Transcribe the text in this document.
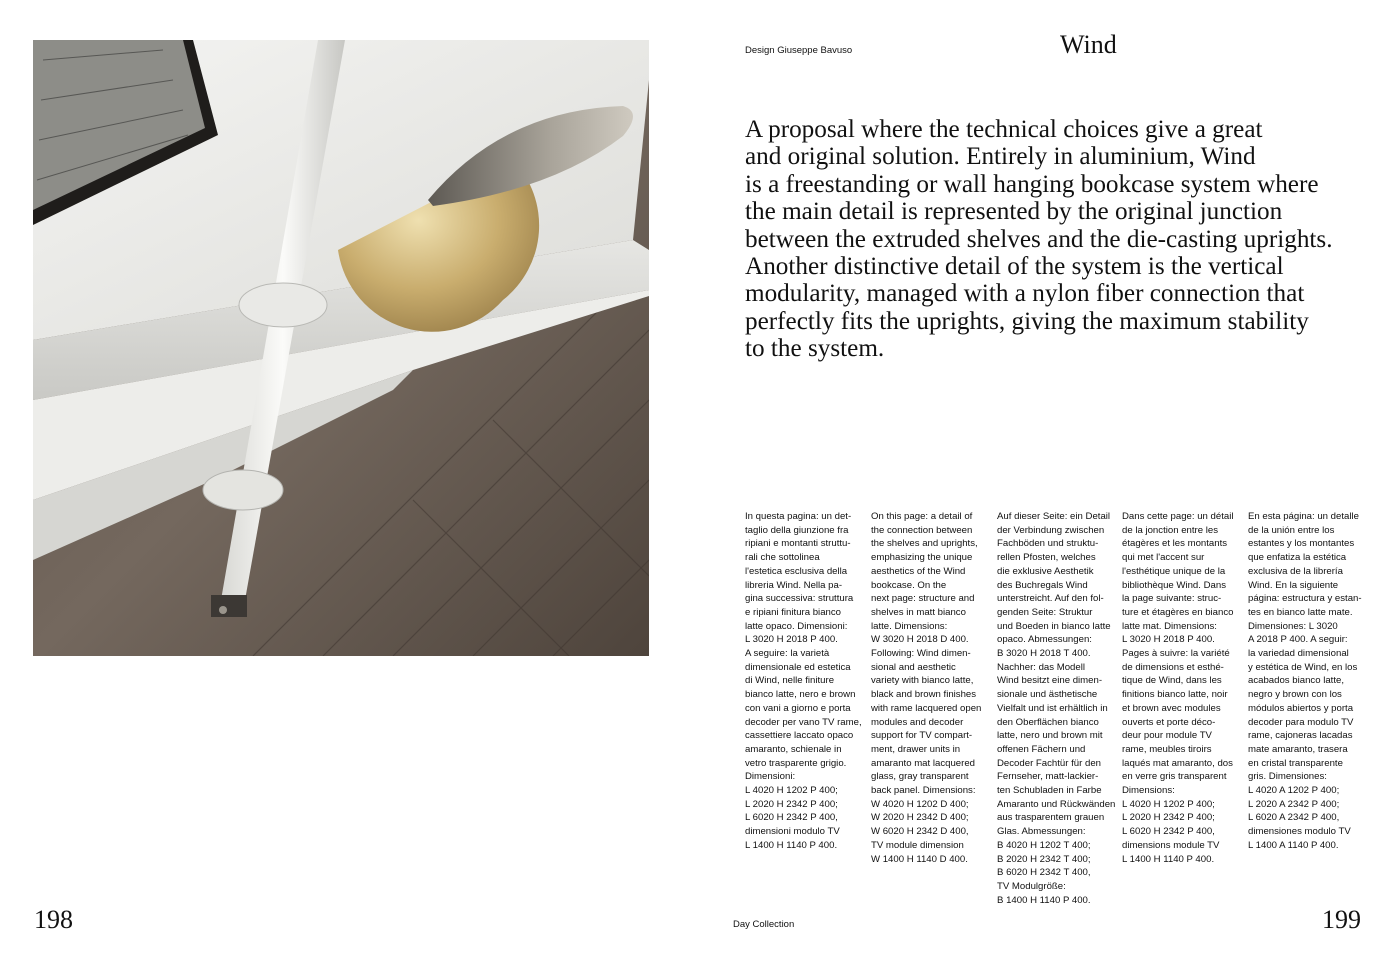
198
Design Giuseppe Bavuso	Wind
A proposal where the technical choices give a great
and original solution. Entirely in aluminium, Wind
is a freestanding or wall hanging bookcase system where
the main detail is represented by the original junction
between the extruded shelves and the die-casting uprights.
Another distinctive detail of the system is the vertical
modularity, managed with a nylon fiber connection that
perfectly fits the uprights, giving the maximum stability
to the system.
In questa pagina: un det-
taglio della giunzione fra
ripiani e montanti struttu-
rali che sottolinea
l'estetica esclusiva della
libreria Wind. Nella pa-
gina successiva: struttura
e ripiani finitura bianco
latte opaco. Dimensioni:
L 3020 H 2018 P 400.
A seguire: la varietà
dimensionale ed estetica
di Wind, nelle finiture
bianco latte, nero e brown
con vani a giorno e porta
decoder per vano TV rame,
cassettiere laccato opaco
amaranto, schienale in
vetro trasparente grigio.
Dimensioni:
L 4020 H 1202 P 400;
L 2020 H 2342 P 400;
L 6020 H 2342 P 400,
dimensioni modulo TV
L 1400 H 1140 P 400.
On this page: a detail of
the connection between
the shelves and uprights,
emphasizing the unique
aesthetics of the Wind
bookcase. On the
next page: structure and
shelves in matt bianco
latte. Dimensions:
W 3020 H 2018 D 400.
Following: Wind dimen-
sional and aesthetic
variety with bianco latte,
black and brown finishes
with rame lacquered open
modules and decoder
support for TV compart-
ment, drawer units in
amaranto mat lacquered
glass, gray transparent
back panel. Dimensions:
W 4020 H 1202 D 400;
W 2020 H 2342 D 400;
W 6020 H 2342 D 400,
TV module dimension
W 1400 H 1140 D 400.
Auf dieser Seite: ein Detail
der Verbindung zwischen
Fachböden und struktu-
rellen Pfosten, welches
die exklusive Aesthetik
des Buchregals Wind
unterstreicht. Auf den fol-
genden Seite: Struktur
und Boeden in bianco latte
opaco. Abmessungen:
B 3020 H 2018 T 400.
Nachher: das Modell
Wind besitzt eine dimen-
sionale und ästhetische
Vielfalt und ist erhältlich in
den Oberflächen bianco
latte, nero und brown mit
offenen Fächern und
Decoder Fachtür für den
Fernseher, matt-lackier-
ten Schubladen in Farbe
Amaranto und Rückwänden
aus trasparentem grauen
Glas. Abmessungen:
B 4020 H 1202 T 400;
B 2020 H 2342 T 400;
B 6020 H 2342 T 400,
TV Modulgröße:
B 1400 H 1140 P 400.
Dans cette page: un détail
de la jonction entre les
étagères et les montants
qui met l'accent sur
l'esthétique unique de la
bibliothèque Wind. Dans
la page suivante: struc-
ture et étagères en bianco
latte mat. Dimensions:
L 3020 H 2018 P 400.
Pages à suivre: la variété
de dimensions et esthé-
tique de Wind, dans les
finitions bianco latte, noir
et brown avec modules
ouverts et porte déco-
deur pour module TV
rame, meubles tiroirs
laqués mat amaranto, dos
en verre gris transparent
Dimensions:
L 4020 H 1202 P 400;
L 2020 H 2342 P 400;
L 6020 H 2342 P 400,
dimensions module TV
L 1400 H 1140 P 400.
En esta página: un detalle
de la unión entre los
estantes y los montantes
que enfatiza la estética
exclusiva de la librería
Wind. En la siguiente
página: estructura y estan-
tes en bianco latte mate.
Dimensiones: L 3020
A 2018 P 400. A seguir:
la variedad dimensional
y estética de Wind, en los
acabados bianco latte,
negro y brown con los
módulos abiertos y porta
decoder para modulo TV
rame, cajoneras lacadas
mate amaranto, trasera
en cristal transparente
gris. Dimensiones:
L 4020 A 1202 P 400;
L 2020 A 2342 P 400;
L 6020 A 2342 P 400,
dimensiones modulo TV
L 1400 A 1140 P 400.
Day Collection	199
